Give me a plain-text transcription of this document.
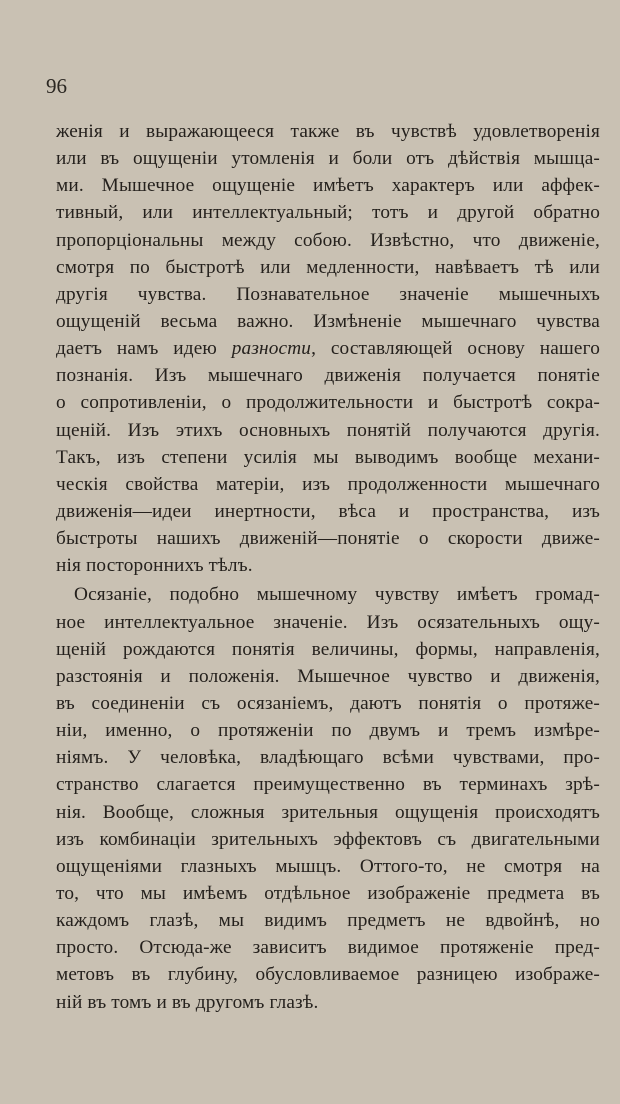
96
женія и выражающееся также въ чувствѣ удовлетворенія
или въ ощущеніи утомленія и боли отъ дѣйствія мышца-
ми. Мышечное ощущеніе имѣетъ характеръ или аффек-
тивный, или интеллектуальный; тотъ и другой обратно
пропорціональны между собою. Извѣстно, что движеніе,
смотря по быстротѣ или медленности, навѣваетъ тѣ или
другія чувства. Познавательное значеніе мышечныхъ
ощущеній весьма важно. Измѣненіе мышечнаго чувства
даетъ намъ идею разности, составляющей основу нашего
познанія. Изъ мышечнаго движенія получается понятіе
о сопротивленіи, о продолжительности и быстротѣ сокра-
щеній. Изъ этихъ основныхъ понятій получаются другія.
Такъ, изъ степени усилія мы выводимъ вообще механи-
ческія свойства матеріи, изъ продолженности мышечнаго
движенія—идеи инертности, вѣса и пространства, изъ
быстроты нашихъ движеній—понятіе о скорости движе-
нія постороннихъ тѣлъ.
Осязаніе, подобно мышечному чувству имѣетъ громад-
ное интеллектуальное значеніе. Изъ осязательныхъ ощу-
щеній рождаются понятія величины, формы, направленія,
разстоянія и положенія. Мышечное чувство и движенія,
въ соединеніи съ осязаніемъ, даютъ понятія о протяже-
ніи, именно, о протяженіи по двумъ и тремъ измѣре-
ніямъ. У человѣка, владѣющаго всѣми чувствами, про-
странство слагается преимущественно въ терминахъ зрѣ-
нія. Вообще, сложныя зрительныя ощущенія происходятъ
изъ комбинаціи зрительныхъ эффектовъ съ двигательными
ощущеніями глазныхъ мышцъ. Оттого-то, не смотря на
то, что мы имѣемъ отдѣльное изображеніе предмета въ
каждомъ глазѣ, мы видимъ предметъ не вдвойнѣ, но
просто. Отсюда-же зависитъ видимое протяженіе пред-
метовъ въ глубину, обусловливаемое разницею изображе-
ній въ томъ и въ другомъ глазѣ.
